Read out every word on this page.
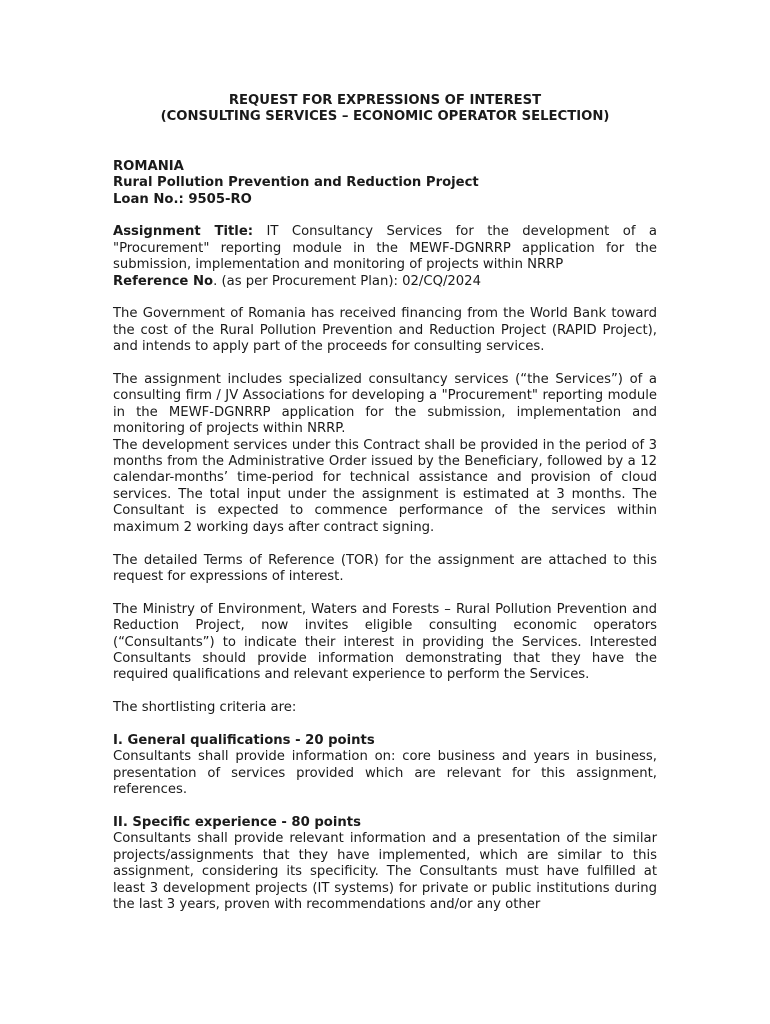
REQUEST FOR EXPRESSIONS OF INTEREST
(CONSULTING SERVICES – ECONOMIC OPERATOR SELECTION)
ROMANIA
Rural Pollution Prevention and Reduction Project
Loan No.: 9505-RO

Assignment Title: IT Consultancy Services for the development of a "Procurement" reporting module in the MEWF-DGNRRP application for the submission, implementation and monitoring of projects within NRRP

Reference No. (as per Procurement Plan): 02/CQ/2024

The Government of Romania has received financing from the World Bank toward the cost of the Rural Pollution Prevention and Reduction Project (RAPID Project), and intends to apply part of the proceeds for consulting services.

The assignment includes specialized consultancy services (“the Services”) of a consulting firm / JV Associations for developing a "Procurement" reporting module in the MEWF-DGNRRP application for the submission, implementation and monitoring of projects within NRRP.

The development services under this Contract shall be provided in the period of 3 months from the Administrative Order issued by the Beneficiary, followed by a 12 calendar-months’ time-period for technical assistance and provision of cloud services. The total input under the assignment is estimated at 3 months. The Consultant is expected to commence performance of the services within maximum 2 working days after contract signing.

The detailed Terms of Reference (TOR) for the assignment are attached to this request for expressions of interest.

The Ministry of Environment, Waters and Forests – Rural Pollution Prevention and Reduction Project, now invites eligible consulting economic operators (“Consultants”) to indicate their interest in providing the Services. Interested Consultants should provide information demonstrating that they have the required qualifications and relevant experience to perform the Services.

The shortlisting criteria are:

I. General qualifications - 20 points

Consultants shall provide information on: core business and years in business, presentation of services provided which are relevant for this assignment, references.

II. Specific experience - 80 points

Consultants shall provide relevant information and a presentation of the similar projects/assignments that they have implemented, which are similar to this assignment, considering its specificity. The Consultants must have fulfilled at least 3 development projects (IT systems) for private or public institutions during the last 3 years, proven with recommendations and/or any other
